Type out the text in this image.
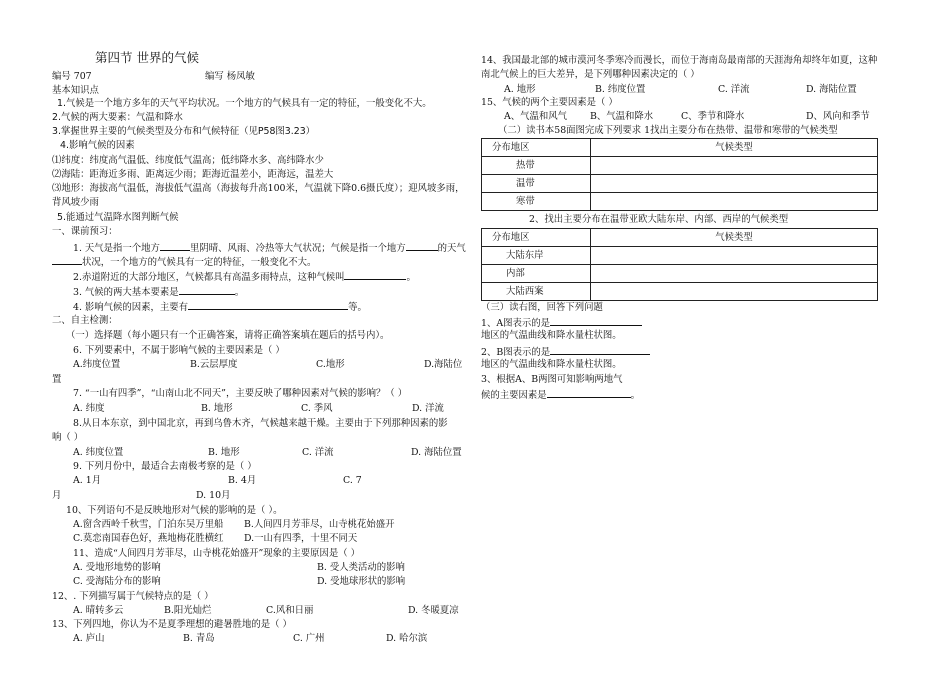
第四节 世界的气候
编号 707	编写 杨凤敏
基本知识点
1.气候是一个地方多年的天气平均状况。一个地方的气候具有一定的特征，一般变化不大。
2.气候的两大要素：气温和降水
3.掌握世界主要的气候类型及分布和气候特征（见P58图3.23）
4.影响气候的因素
⑴纬度：纬度高气温低、纬度低气温高；低纬降水多、高纬降水少
⑵海陆：距海近多雨、距离远少雨；距海近温差小，距海远，温差大
⑶地形：海拔高气温低，海拔低气温高（海拔每升高100米，气温就下降0.6摄氏度）；迎风坡多雨，
背风坡少雨
5.能通过气温降水图判断气候
一、课前预习：
1. 天气是指一个地方	里阴晴、风雨、冷热等大气状况；气候是指一个地方	的天气
状况，一个地方的气候具有一定的特征，一般变化不大。
2.赤道附近的大部分地区，气候都具有高温多雨特点，这种气候叫	。
3. 气候的两大基本要素是	。
4. 影响气候的因素，主要有	等。
二、自主检测：
（一）选择题（每小题只有一个正确答案，请将正确答案填在题后的括号内）。
6. 下列要素中，不属于影响气候的主要因素是（ ）
A.纬度位置	B.云层厚度	C.地形	D.海陆位
置
7. “一山有四季”，“山南山北不同天”，主要反映了哪种因素对气候的影响？（ ）
A. 纬度	B. 地形	C. 季风	D. 洋流
8.从日本东京，到中国北京，再到乌鲁木齐，气候越来越干燥。主要由于下列那种因素的影
响（ ）
A. 纬度位置	B. 地形	C. 洋流	D. 海陆位置
9. 下列月份中，最适合去南极考察的是（ ）
A. 1月	B. 4月	C. 7
月	D. 10月
10、下列语句不是反映地形对气候的影响的是（ ）。
A.窗含西岭千秋雪，门泊东吴万里船 B.人间四月芳菲尽，山寺桃花始盛开
C.莫恋南国春色好，燕地梅花胜横红 D.一山有四季，十里不同天
11、造成“人间四月芳菲尽，山寺桃花始盛开”现象的主要原因是（ ）
A. 受地形地势的影响	B. 受人类活动的影响
C. 受海陆分布的影响	D. 受地球形状的影响
12、. 下列描写属于气候特点的是（ ）
A. 晴转多云	B.阳光灿烂	C.风和日丽	D. 冬暖夏凉
13、下列四地，你认为不是夏季理想的避暑胜地的是（ ）
A. 庐山	B. 青岛	C. 广州	D. 哈尔滨
14、我国最北部的城市漠河冬季寒冷而漫长，而位于海南岛最南部的天涯海角却终年如夏，这种
南北气候上的巨大差异，是下列哪种因素决定的（ ）
A. 地形	B. 纬度位置	C. 洋流	D. 海陆位置
15、气候的两个主要因素是（ ）
A、气温和风气 B、气温和降水	C、季节和降水	D、风向和季节
（二）读书本58面图完成下列要求 1找出主要分布在热带、温带和寒带的气候类型
分布地区	气候类型
热带	
温带	
寒带	
2、找出主要分布在温带亚欧大陆东岸、内部、西岸的气候类型
分布地区	气候类型
大陆东岸	
内部	
大陆西案	
（三）读右图，回答下列问题
1、A图表示的是
地区的气温曲线和降水量柱状图。
2、B图表示的是
地区的气温曲线和降水量柱状图。
3、根据A、B两图可知影响两地气
候的主要因素是	。
